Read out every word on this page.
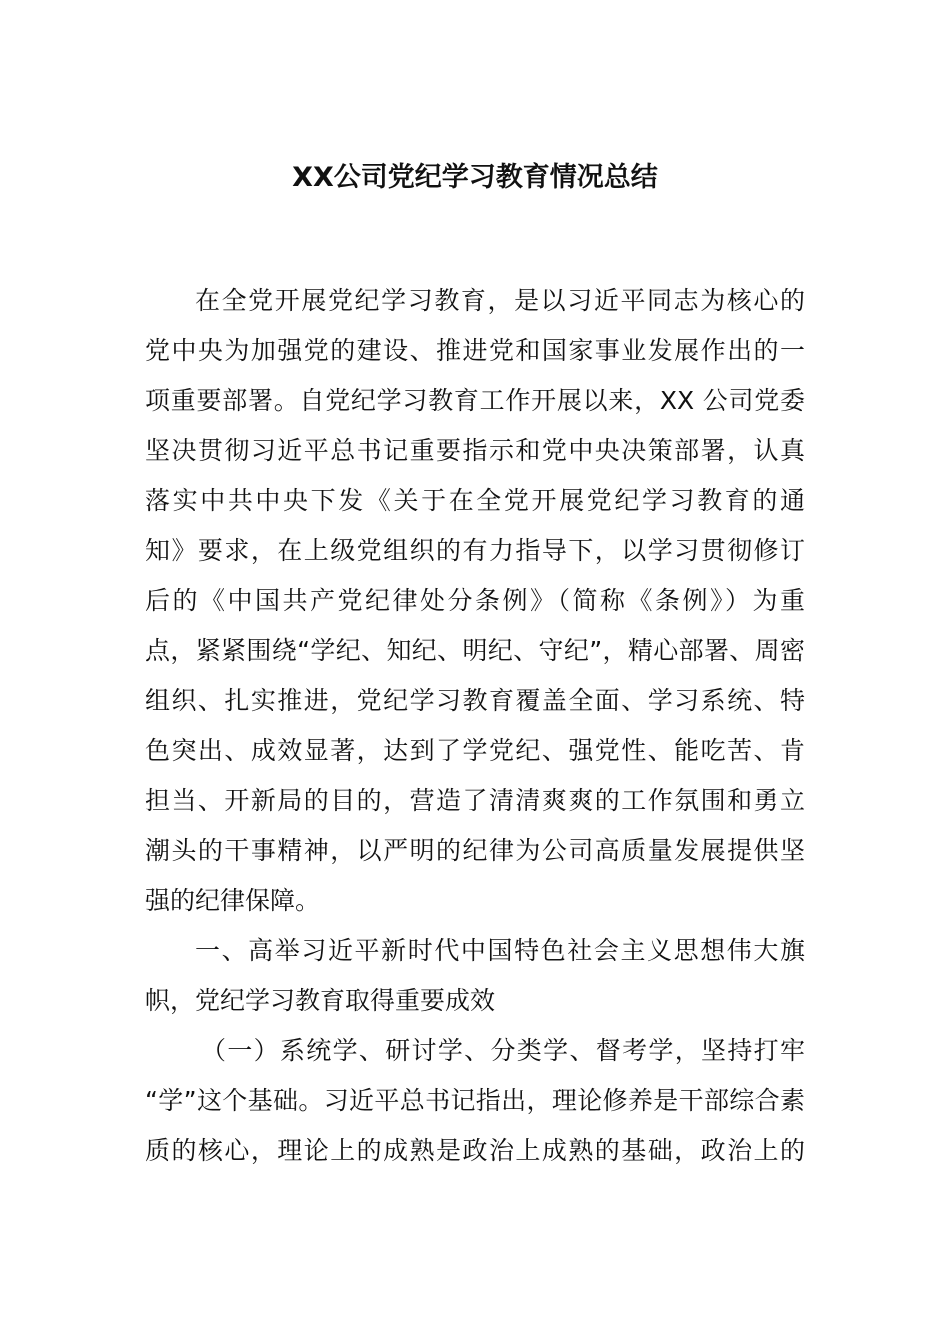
XX公司党纪学习教育情况总结
在全党开展党纪学习教育，是以习近平同志为核心的
党中央为加强党的建设、推进党和国家事业发展作出的一
项重要部署。自党纪学习教育工作开展以来，XX 公司党委
坚决贯彻习近平总书记重要指示和党中央决策部署，认真
落实中共中央下发《关于在全党开展党纪学习教育的通
知》要求，在上级党组织的有力指导下，以学习贯彻修订
后的《中国共产党纪律处分条例》（简称《条例》）为重
点，紧紧围绕“学纪、知纪、明纪、守纪”，精心部署、周密
组织、扎实推进，党纪学习教育覆盖全面、学习系统、特
色突出、成效显著，达到了学党纪、强党性、能吃苦、肯
担当、开新局的目的，营造了清清爽爽的工作氛围和勇立
潮头的干事精神，以严明的纪律为公司高质量发展提供坚
强的纪律保障。
一、高举习近平新时代中国特色社会主义思想伟大旗
帜，党纪学习教育取得重要成效
（一）系统学、研讨学、分类学、督考学，坚持打牢
“学”这个基础。习近平总书记指出，理论修养是干部综合素
质的核心，理论上的成熟是政治上成熟的基础，政治上的
